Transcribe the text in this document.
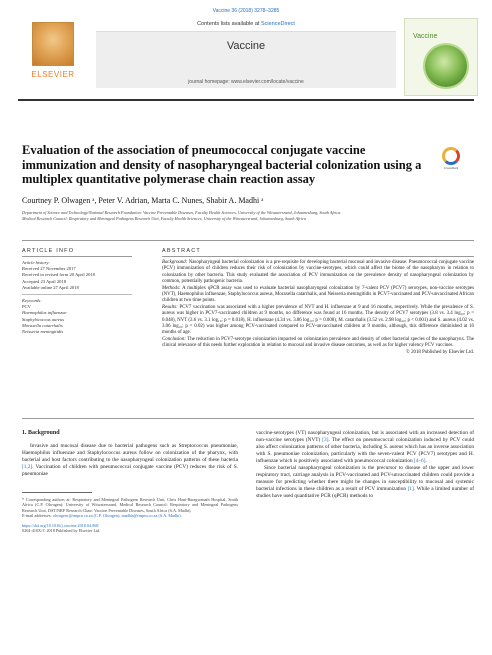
Vaccine 36 (2018) 3278–3285
ELSEVIER
Contents lists available at ScienceDirect
Vaccine
journal homepage: www.elsevier.com/locate/vaccine
Vaccine
Evaluation of the association of pneumococcal conjugate vaccine immunization and density of nasopharyngeal bacterial colonization using a multiplex quantitative polymerase chain reaction assay
CrossMark
Courtney P. Olwagen ᵃ, Peter V. Adrian, Marta C. Nunes, Shabir A. Madhi ᵃ
Department of Science and Technology/National Research Foundation: Vaccine Preventable Diseases, Faculty Health Sciences, University of the Witwatersrand, Johannesburg, South Africa
Medical Research Council: Respiratory and Meningeal Pathogens Research Unit, Faculty Health Sciences, University of the Witwatersrand, Johannesburg, South Africa
ARTICLE INFO	ABSTRACT
Article history:
Received 27 November 2017
Received in revised form 20 April 2018
Accepted 23 April 2018
Available online 27 April 2018
Keywords:
PCV
Haemophilus influenzae
Staphylococcus aureus
Moraxella catarrhalis
Neisseria meningitidis

Background: Nasopharyngeal bacterial colonization is a pre-requisite for developing bacterial mucosal and invasive disease. Pneumococcal conjugate vaccine (PCV) immunization of children reduces their risk of colonization by vaccine-serotypes, which could affect the biome of the nasopharynx in relation to colonization by other bacteria. This study evaluated the association of PCV immunization on the prevalence density of nasopharyngeal colonization by common, potentially pathogenic bacteria.

Methods: A multiplex qPCR assay was used to evaluate bacterial nasopharyngeal colonization by 7-valent PCV (PCV7) serotypes, non-vaccine serotypes (NVT), Haemophilus influenzae, Staphylococcus aureus, Moraxella catarrhalis, and Neisseria meningitidis in PCV7-vaccinated and PCV-unvaccinated African children at two time points.

Results: PCV7 vaccination was associated with a higher prevalence of NVT and H. influenzae at 9 and 16 months, respectively. While the prevalence of S. aureus was higher in PCV7-vaccinated children at 9 months, no difference was found at 16 months. The density of PCV7 serotypes (3.8 vs. 3.4 log₁₀; p = 0.048), NVT (3.6 vs. 3.1 log₁₀; p = 0.018), H. influenzae (4.34 vs. 3.86 log₁₀; p = 0.008), M. catarrhalis (3.52 vs. 2.98 log₁₀; p < 0.001) and S. aureus (4.02 vs. 3.06 log₁₀; p = 0.02) was higher among PCV-vaccinated compared to PCV-unvaccinated children at 9 months, although, this difference diminished at 16 months of age.

Conclusion: The reduction in PCV7-serotype colonization impacted on colonization prevalence and density of other bacterial species of the nasopharynx. The clinical relevance of this needs further exploration in relation to mucosal and invasive disease outcomes, as well as for higher valency PCV vaccines.

© 2018 Published by Elsevier Ltd.

1. Background

Invasive and mucosal disease due to bacterial pathogens such as Streptococcus pneumoniae, Haemophilus influenzae and Staphylococcus aureus follow on colonization of the pharynx, with bacterial and host factors contributing to the nasopharyngeal colonization patterns of these bacteria [1,2]. Vaccination of children with pneumococcal conjugate vaccine (PCV) reduces the risk of S. pneumoniae

* Corresponding authors at: Respiratory and Meningeal Pathogens Research Unit, Chris Hani-Baragwanath Hospital, South Africa (C.P. Olwagen); University of Witwatersrand, Medical Research Council: Respiratory and Meningeal Pathogens Research Unit, DST/NRF Research Chair: Vaccine Preventable Diseases, South Africa (S.A. Madhi).
E-mail addresses: olwagenc@rmpru.co.za (C.P. Olwagen), madhis@rmpru.co.za (S.A. Madhi).
https://doi.org/10.1016/j.vaccine.2018.04.068
0264-410X/© 2018 Published by Elsevier Ltd.

vaccine-serotypes (VT) nasopharyngeal colonization, but is associated with an increased detection of non-vaccine serotypes (NVT) [3]. The effect on pneumococcal colonization induced by PCV could also affect colonization patterns of other bacteria, including S. aureus which has an inverse association with S. pneumoniae colonization, particularly with the seven-valent PCV (PCV7) serotypes and H. influenzae which is positively associated with pneumococcal colonization [4–6].

Since bacterial nasopharyngeal colonization is the precursor to disease of the upper and lower respiratory tract, carriage analysis in PCV-vaccinated and PCV-unvaccinated children could provide a measure for predicting whether there might be changes in susceptibility to mucosal and systemic bacterial infections in these children as a result of PCV immunization [1]. While a limited number of studies have used quantitative PCR (qPCR) methods to
